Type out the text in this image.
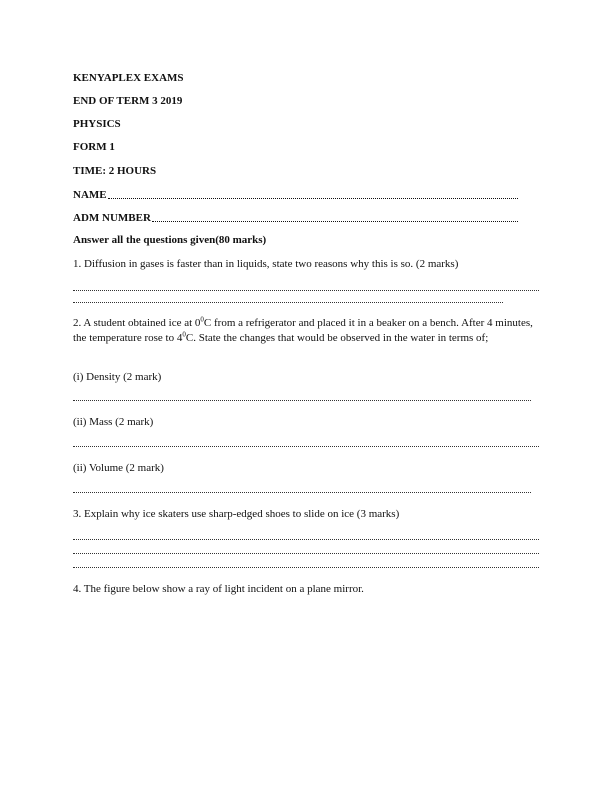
KENYAPLEX EXAMS
END OF TERM 3 2019
PHYSICS
FORM 1
TIME: 2 HOURS
NAME
ADM NUMBER
Answer all the questions given(80 marks)
1. Diffusion in gases is faster than in liquids, state two reasons why this is so. (2 marks)
2. A student obtained ice at $0^0C$ from a refrigerator and placed it in a beaker on a bench. After 4 minutes, the temperature rose to $4^0C$. State the changes that would be observed in the water in terms of;
(i) Density (2 mark)
(ii) Mass (2 mark)
(ii) Volume (2 mark)
3. Explain why ice skaters use sharp-edged shoes to slide on ice (3 marks)
4. The figure below show a ray of light incident on a plane mirror.
